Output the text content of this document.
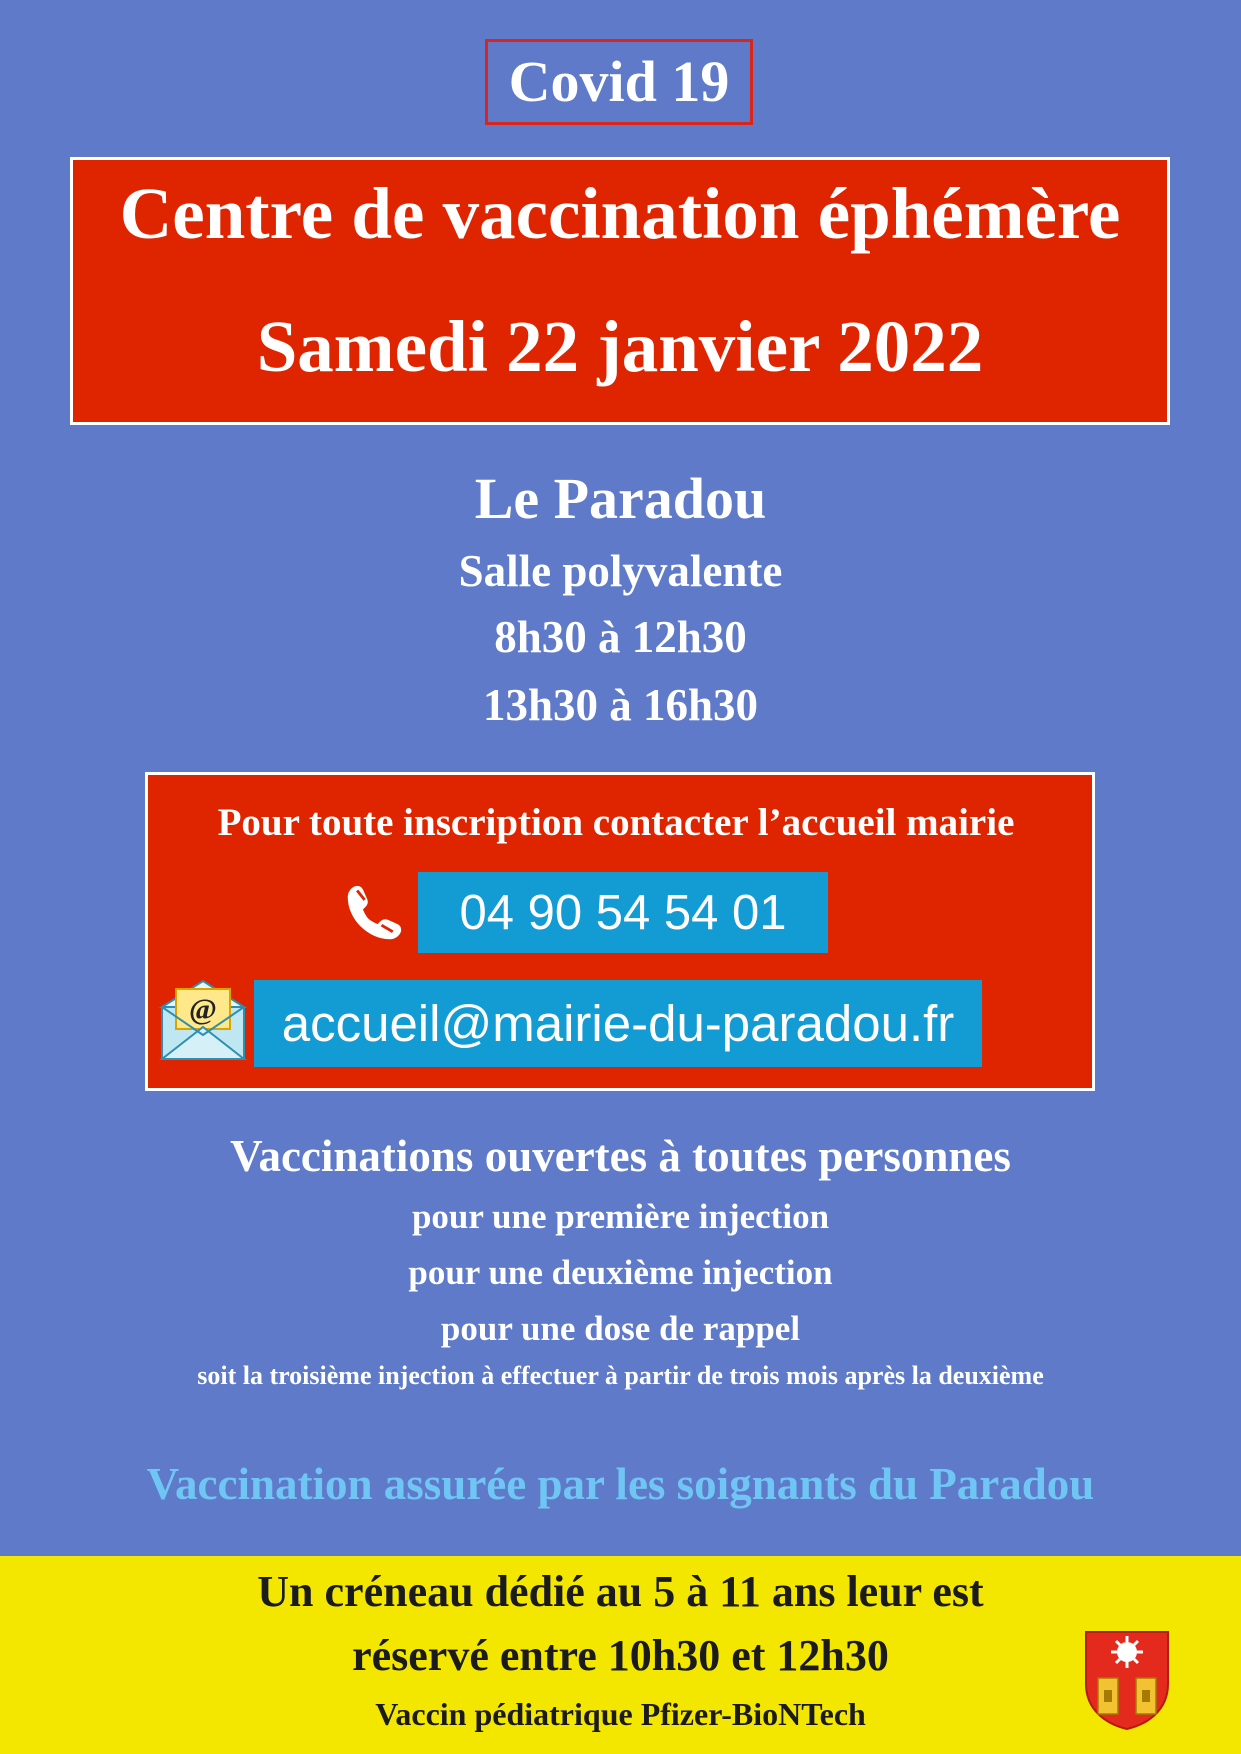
Covid 19
Centre de vaccination éphémère
Samedi 22 janvier 2022
Le Paradou
Salle polyvalente
8h30 à 12h30
13h30 à 16h30
Pour toute inscription contacter l’accueil mairie
04 90 54 54 01
@	accueil@mairie-du-paradou.fr
Vaccinations ouvertes à toutes personnes
pour une première injection
pour une deuxième injection
pour une dose de rappel
soit la troisième injection à effectuer à partir de trois mois après la deuxième
Vaccination assurée par les soignants du Paradou
Un créneau dédié au 5 à 11 ans leur est
réservé entre 10h30 et 12h30
Vaccin pédiatrique Pfizer-BioNTech
